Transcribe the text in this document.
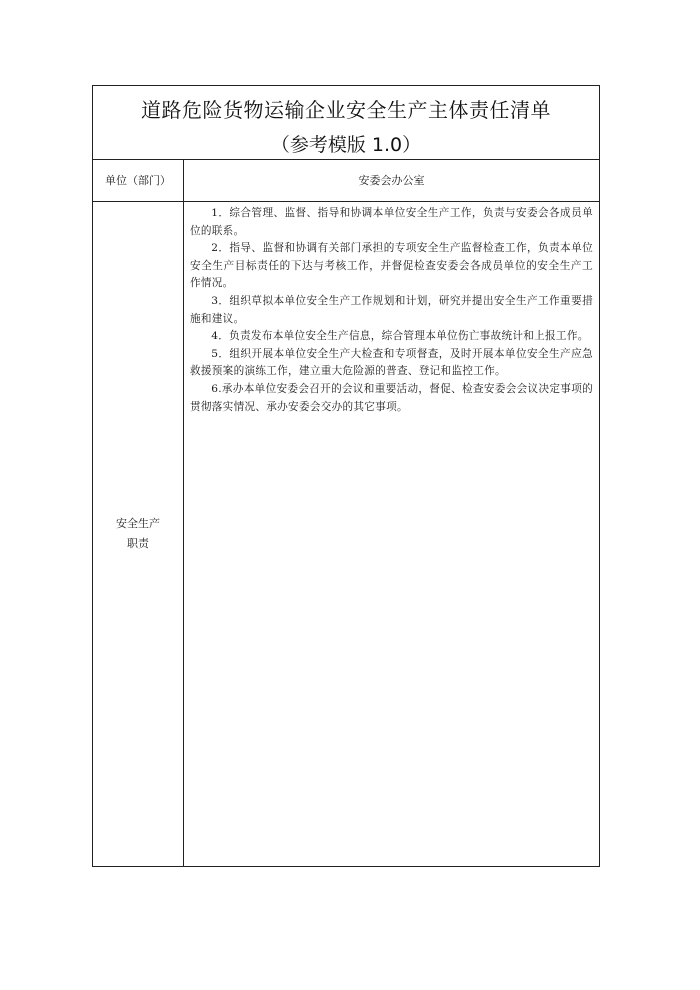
道路危险货物运输企业安全生产主体责任清单
（参考模版 1.0）
单位（部门）	安委会办公室
安全生产
职责

1．综合管理、监督、指导和协调本单位安全生产工作，负责与安委会各成员单位的联系。

2．指导、监督和协调有关部门承担的专项安全生产监督检查工作，负责本单位安全生产目标责任的下达与考核工作，并督促检查安委会各成员单位的安全生产工作情况。

3．组织草拟本单位安全生产工作规划和计划，研究并提出安全生产工作重要措施和建议。

4．负责发布本单位安全生产信息，综合管理本单位伤亡事故统计和上报工作。

5．组织开展本单位安全生产大检查和专项督查，及时开展本单位安全生产应急救援预案的演练工作，建立重大危险源的普查、登记和监控工作。

6.承办本单位安委会召开的会议和重要活动，督促、检查安委会会议决定事项的贯彻落实情况、承办安委会交办的其它事项。
